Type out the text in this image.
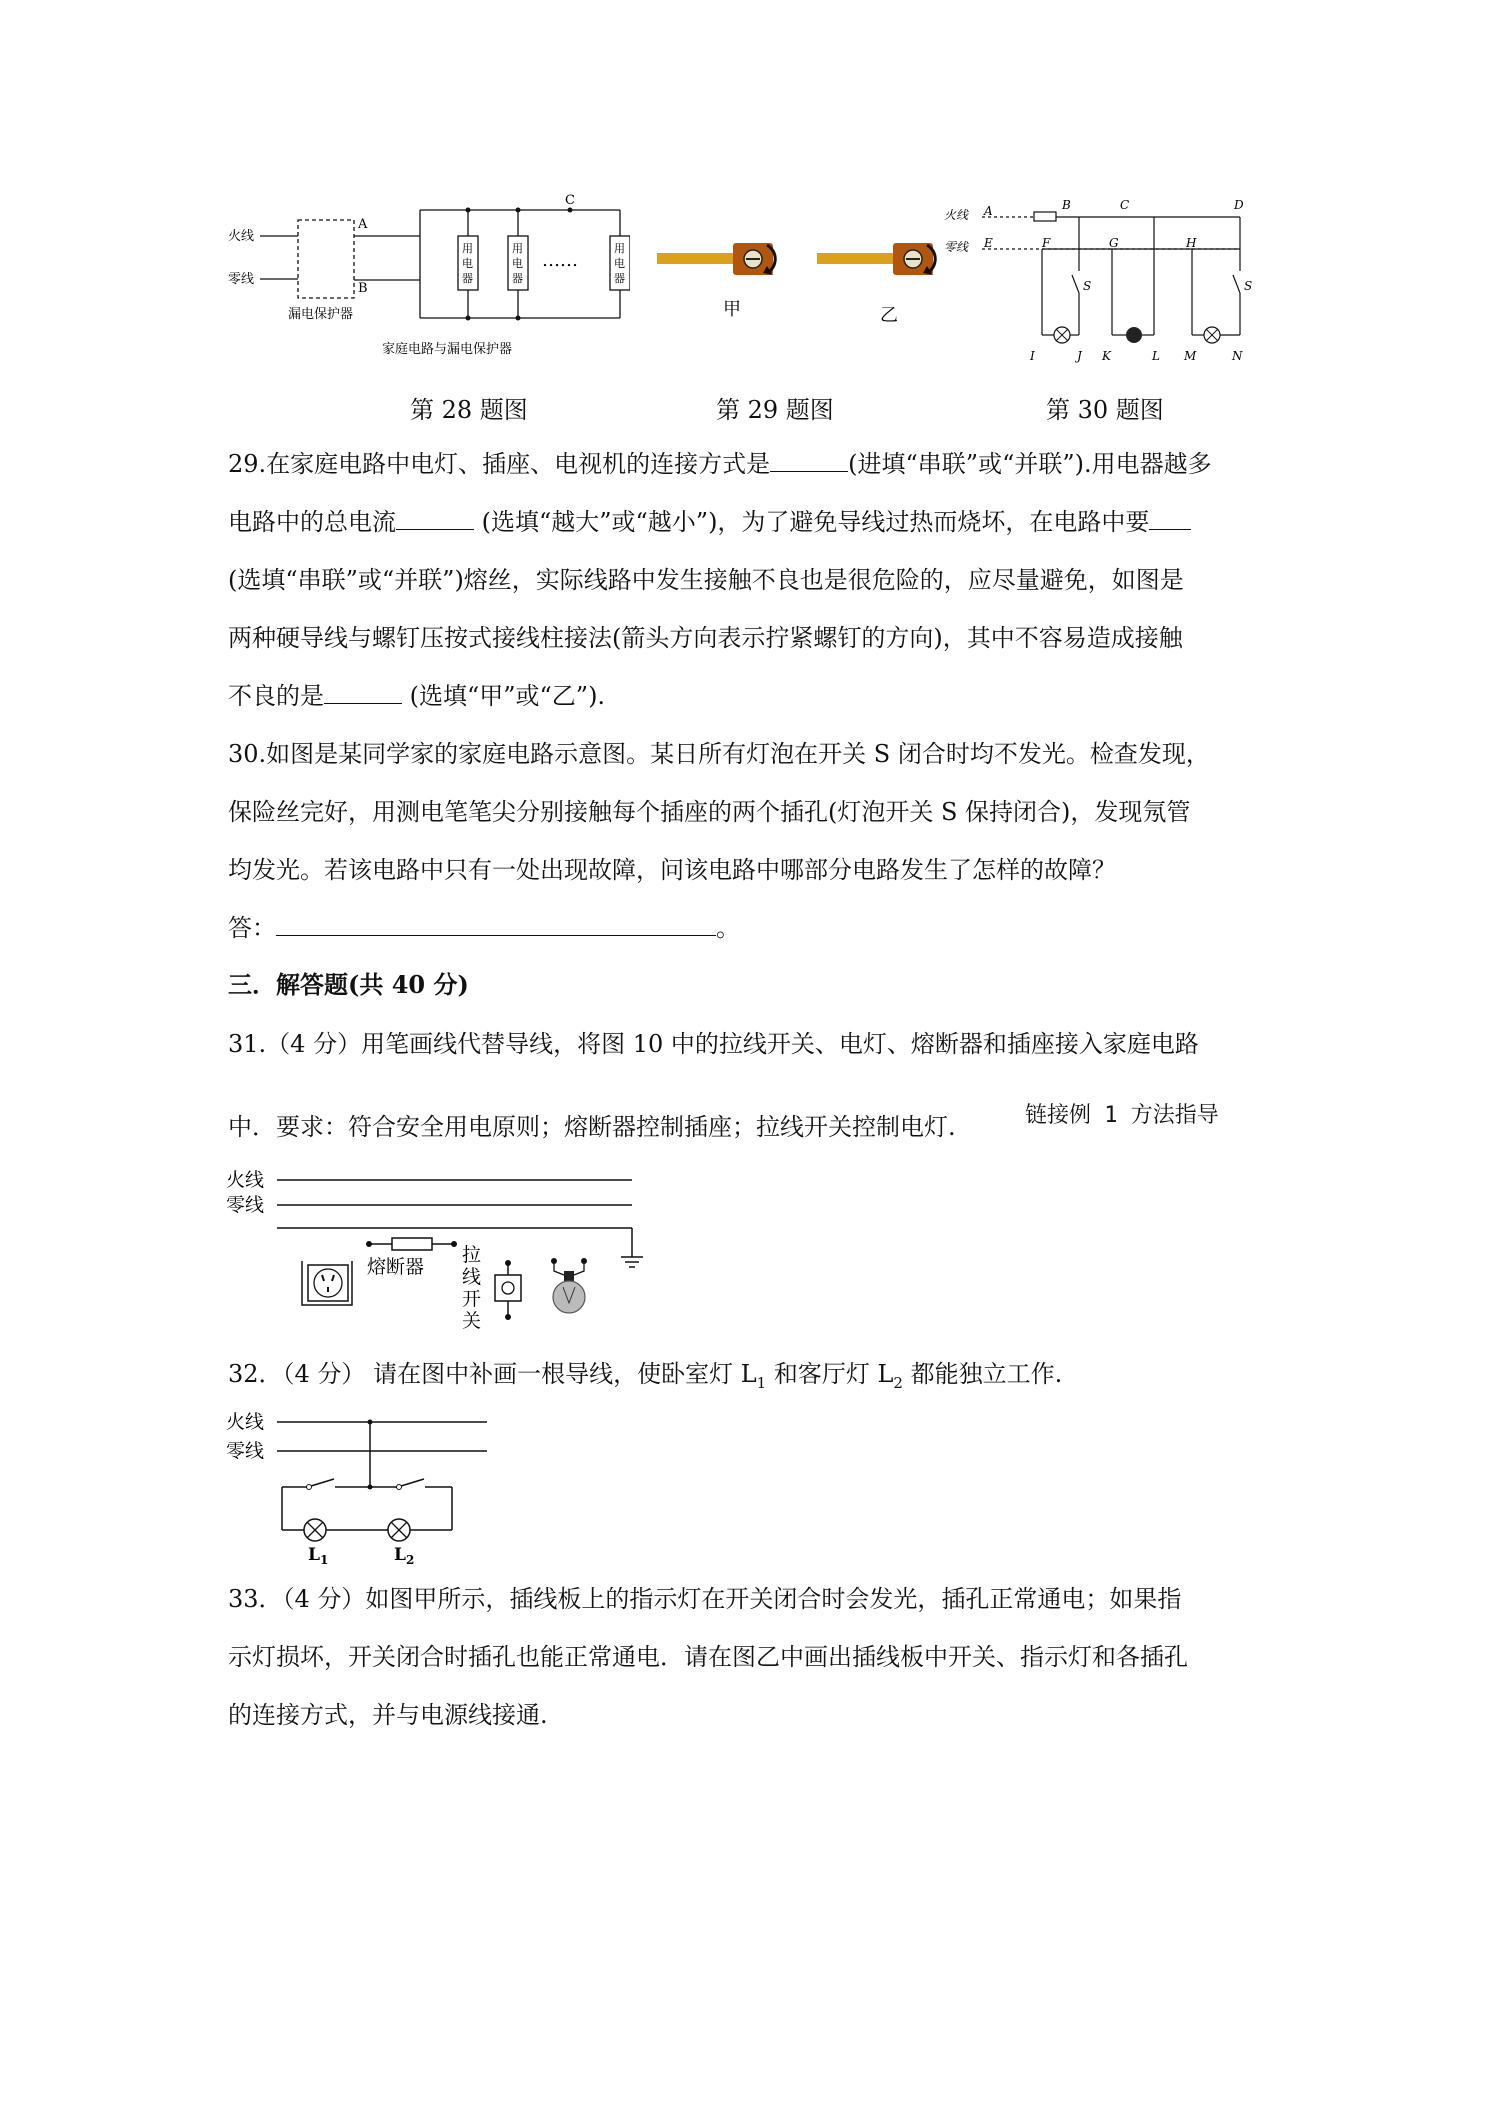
火线
零线
漏电保护器
A
B
C
……
用
电
器
用
电
器
用
电
器
家庭电路与漏电保护器
甲	乙
火线
零线
A
E
B
F
C
G
D
H
S	S
I	J K	L M	N
第 28 题图	第 29 题图	第 30 题图
29.在家庭电路中电灯、插座、电视机的连接方式是	(进填“串联”或“并联”).用电器越多
电路中的总电流	(选填“越大”或“越小”)，为了避免导线过热而烧坏，在电路中要
(选填“串联”或“并联”)熔丝，实际线路中发生接触不良也是很危险的，应尽量避免，如图是
两种硬导线与螺钉压按式接线柱接法(箭头方向表示拧紧螺钉的方向)，其中不容易造成接触
不良的是	(选填“甲”或“乙”).
30.如图是某同学家的家庭电路示意图。某日所有灯泡在开关 S 闭合时均不发光。检查发现，
保险丝完好，用测电笔笔尖分别接触每个插座的两个插孔(灯泡开关 S 保持闭合)，发现氖管
均发光。若该电路中只有一处出现故障，问该电路中哪部分电路发生了怎样的故障？
答：	。
三．解答题(共 40 分)
31.（4 分）用笔画线代替导线，将图 10 中的拉线开关、电灯、熔断器和插座接入家庭电路
中．要求：符合安全用电原则；熔断器控制插座；拉线开关控制电灯.	链接例 1 方法指导
火线
零线
熔断器
拉
线
开
关
32．（4 分） 请在图中补画一根导线，使卧室灯 $L_1$ 和客厅灯 $L_2$ 都能独立工作.
火线
零线
$L_1$	$L_2$
33．（4 分）如图甲所示，插线板上的指示灯在开关闭合时会发光，插孔正常通电；如果指
示灯损坏，开关闭合时插孔也能正常通电．请在图乙中画出插线板中开关、指示灯和各插孔
的连接方式，并与电源线接通.
